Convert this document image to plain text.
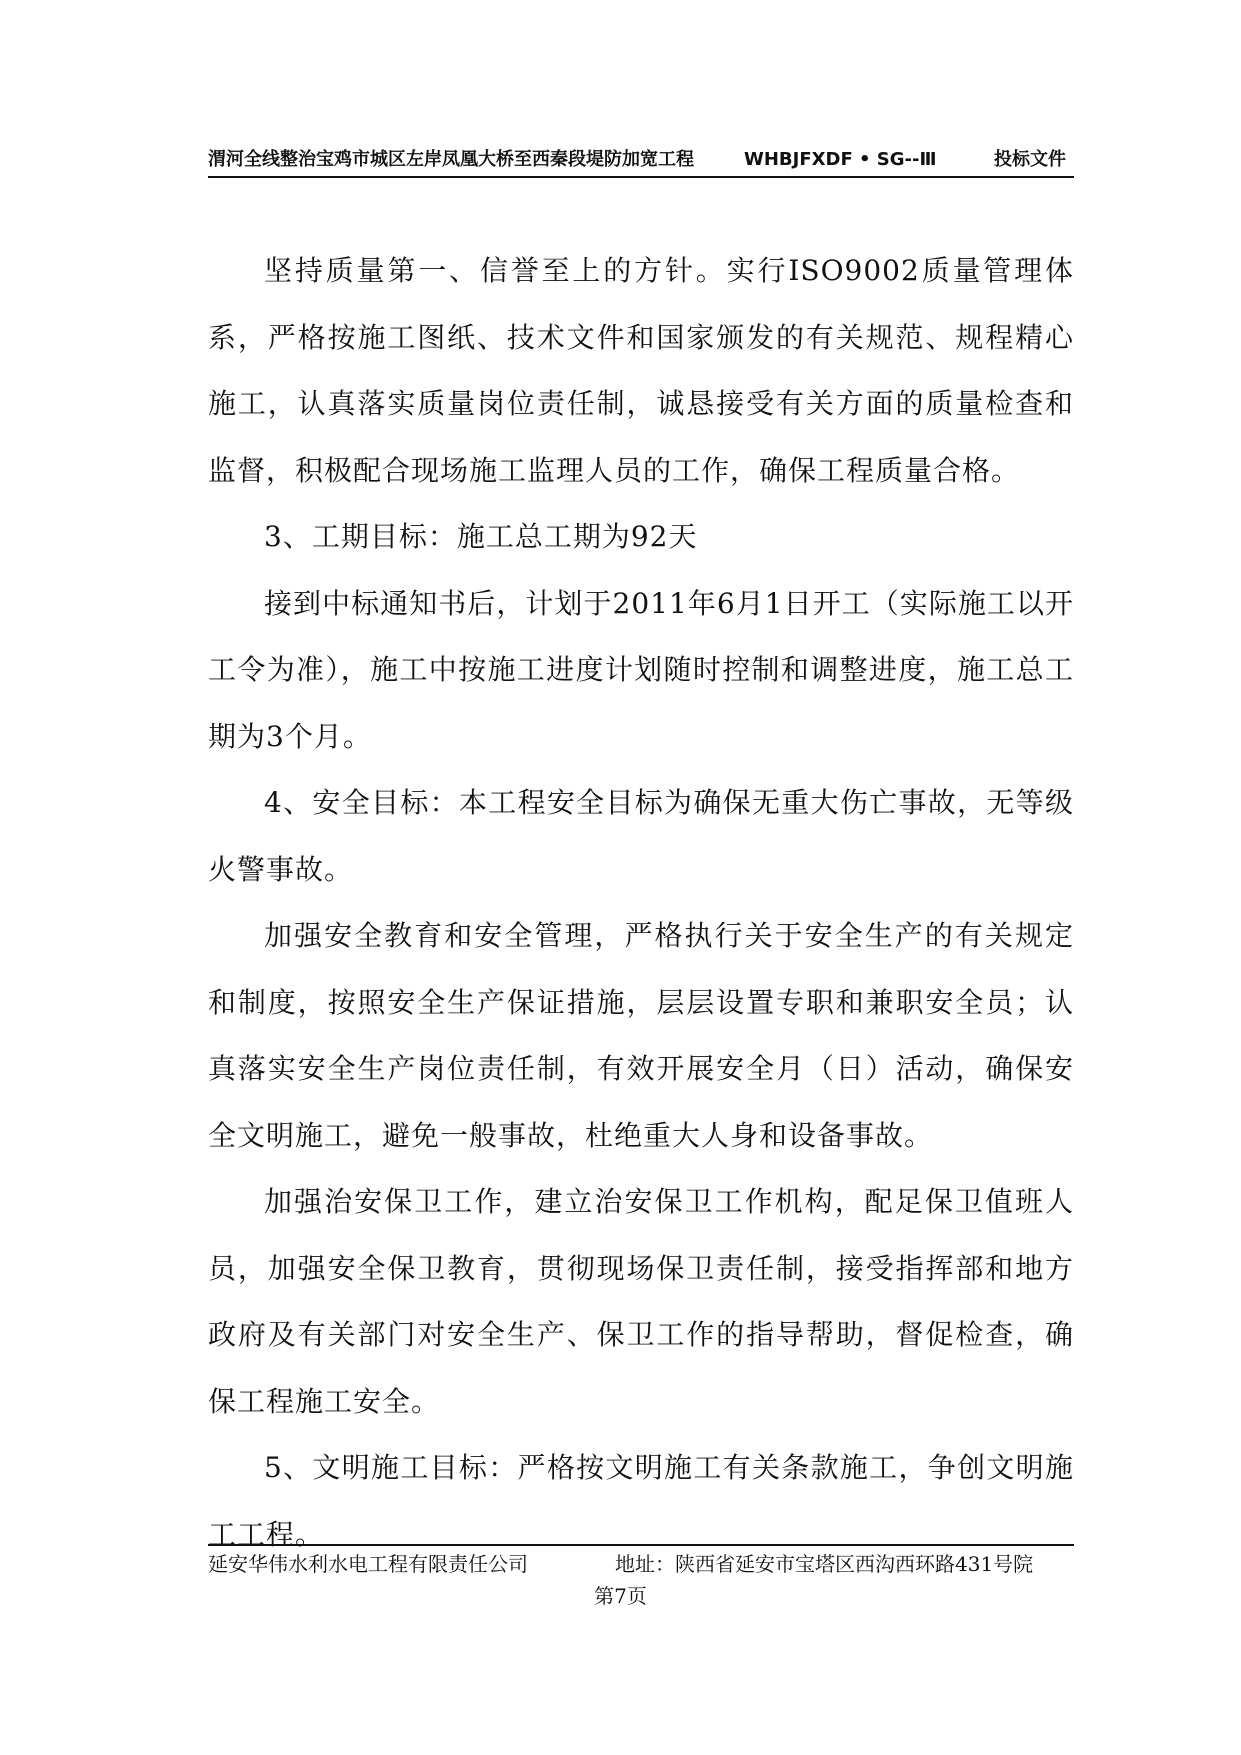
渭河全线整治宝鸡市城区左岸凤凰大桥至西秦段堤防加宽工程	WHBJFXDF • SG--Ⅲ	投标文件

坚持质量第一、信誉至上的方针。实行ISO9002质量管理体系，严格按施工图纸、技术文件和国家颁发的有关规范、规程精心施工，认真落实质量岗位责任制，诚恳接受有关方面的质量检查和监督，积极配合现场施工监理人员的工作，确保工程质量合格。

3、工期目标：施工总工期为92天

接到中标通知书后，计划于2011年6月1日开工（实际施工以开工令为准），施工中按施工进度计划随时控制和调整进度，施工总工期为3个月。

4、安全目标：本工程安全目标为确保无重大伤亡事故，无等级火警事故。

加强安全教育和安全管理，严格执行关于安全生产的有关规定和制度，按照安全生产保证措施，层层设置专职和兼职安全员；认真落实安全生产岗位责任制，有效开展安全月（日）活动，确保安全文明施工，避免一般事故，杜绝重大人身和设备事故。

加强治安保卫工作，建立治安保卫工作机构，配足保卫值班人员，加强安全保卫教育，贯彻现场保卫责任制，接受指挥部和地方政府及有关部门对安全生产、保卫工作的指导帮助，督促检查，确保工程施工安全。

5、文明施工目标：严格按文明施工有关条款施工，争创文明施工工程。

延安华伟水利水电工程有限责任公司	地址：陕西省延安市宝塔区西沟西环路431号院
第7页
